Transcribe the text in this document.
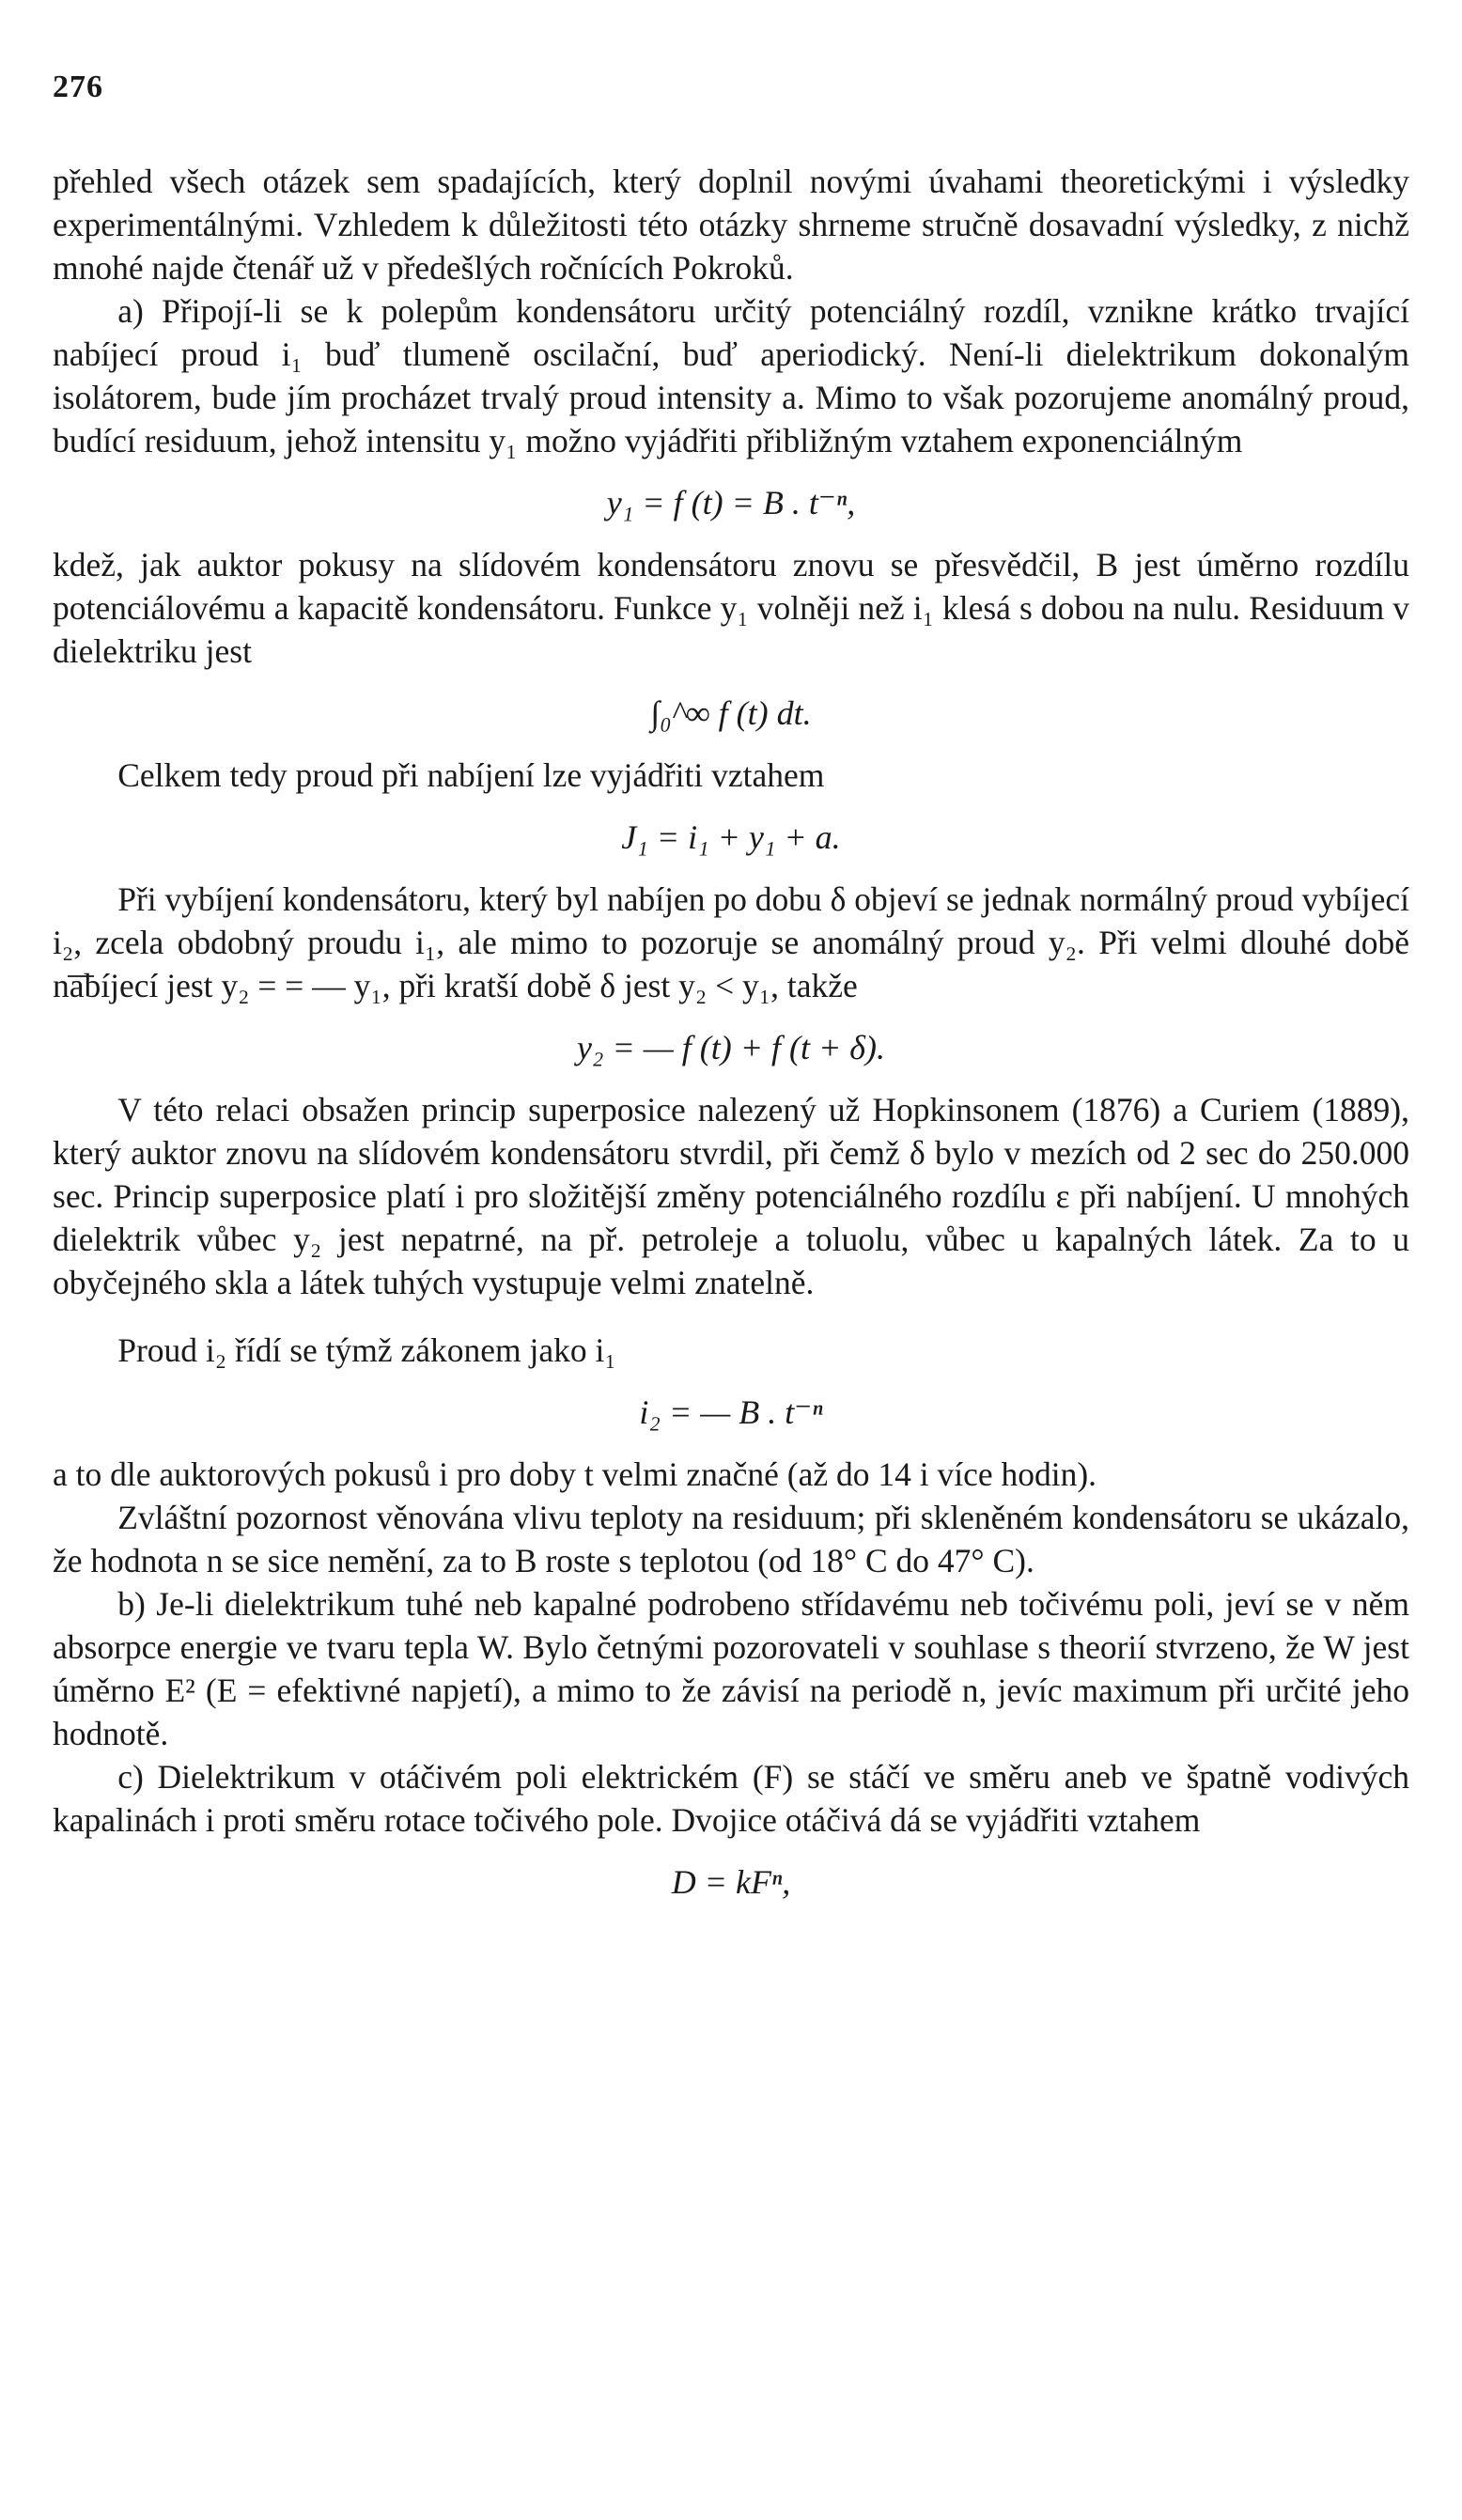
276

přehled všech otázek sem spadajících, který doplnil novými úvahami theoretickými i výsledky experimentálnými. Vzhledem k důležitosti této otázky shrneme stručně dosavadní výsledky, z nichž mnohé najde čtenář už v předešlých ročnících Pokroků.

a) Připojí-li se k polepům kondensátoru určitý potenciálný rozdíl, vznikne krátko trvající nabíjecí proud i₁ buď tlumeně oscilační, buď aperiodický. Není-li dielektrikum dokonalým isolátorem, bude jím procházet trvalý proud intensity a. Mimo to však pozorujeme anomálný proud, budící residuum, jehož intensitu y₁ možno vyjádřiti přibližným vztahem exponenciálným

y₁ = f (t) = B . t⁻ⁿ,

kdež, jak auktor pokusy na slídovém kondensátoru znovu se přesvědčil, B jest úměrno rozdílu potenciálovému a kapacitě kondensátoru. Funkce y₁ volněji než i₁ klesá s dobou na nulu. Residuum v dielektriku jest

∫₀^∞ f (t) dt.

Celkem tedy proud při nabíjení lze vyjádřiti vztahem

J₁ = i₁ + y₁ + a.

Při vybíjení kondensátoru, který byl nabíjen po dobu δ objeví se jednak normálný proud vybíjecí i₂, zcela obdobný proudu i₁, ale mimo to pozoruje se anomálný proud y₂. Při velmi dlouhé době nabíjecí jest y₂ = = — y₁, při kratší době δ jest y₂ < y₁, takže

y₂ = — f (t) + f (t + δ).

V této relaci obsažen princip superposice nalezený už Hopkinsonem (1876) a Curiem (1889), který auktor znovu na slídovém kondensátoru stvrdil, při čemž δ bylo v mezích od 2 sec do 250.000 sec. Princip superposice platí i pro složitější změny potenciálného rozdílu ε při nabíjení. U mnohých dielektrik vůbec y₂ jest nepatrné, na př. petroleje a toluolu, vůbec u kapalných látek. Za to u obyčejného skla a látek tuhých vystupuje velmi znatelně.

Proud i₂ řídí se týmž zákonem jako i₁

i₂ = — B . t⁻ⁿ

a to dle auktorových pokusů i pro doby t velmi značné (až do 14 i více hodin).

Zvláštní pozornost věnována vlivu teploty na residuum; při skleněném kondensátoru se ukázalo, že hodnota n se sice nemění, za to B roste s teplotou (od 18° C do 47° C).

b) Je-li dielektrikum tuhé neb kapalné podrobeno střídavému neb točivému poli, jeví se v něm absorpce energie ve tvaru tepla W. Bylo četnými pozorovateli v souhlase s theorií stvrzeno, že W jest úměrno E² (E = efektivné napjetí), a mimo to že závisí na periodě n, jevíc maximum při určité jeho hodnotě.

c) Dielektrikum v otáčivém poli elektrickém (F) se stáčí ve směru aneb ve špatně vodivých kapalinách i proti směru rotace točivého pole. Dvojice otáčivá dá se vyjádřiti vztahem

D = kFⁿ,
